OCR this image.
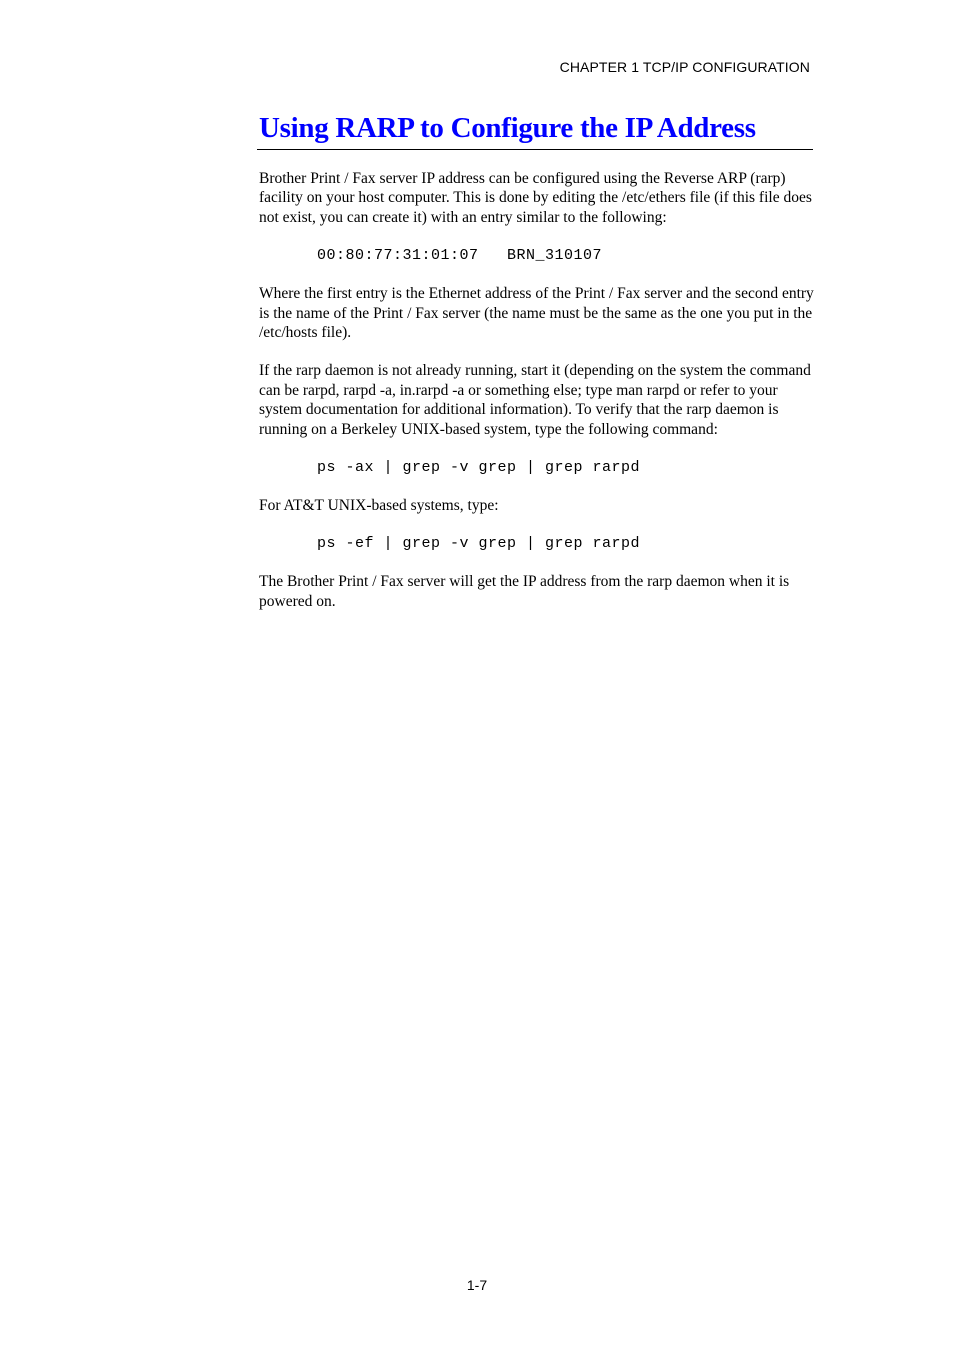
CHAPTER 1 TCP/IP CONFIGURATION
Using RARP to Configure the IP Address

Brother Print / Fax server IP address can be configured using the Reverse ARP (rarp) facility on your host computer. This is done by editing the /etc/ethers file (if this file does not exist, you can create it) with an entry similar to the following:

00:80:77:31:01:07   BRN_310107

Where the first entry is the Ethernet address of the Print / Fax server and the second entry is the name of the Print / Fax server (the name must be the same as the one you put in the /etc/hosts file).

If the rarp daemon is not already running, start it (depending on the system the command can be rarpd, rarpd -a, in.rarpd -a or something else; type man rarpd or refer to your system documentation for additional information). To verify that the rarp daemon is running on a Berkeley UNIX-based system, type the following command:

ps -ax | grep -v grep | grep rarpd

For AT&T UNIX-based systems, type:

ps -ef | grep -v grep | grep rarpd

The Brother Print / Fax server will get the IP address from the rarp daemon when it is powered on.

1-7
